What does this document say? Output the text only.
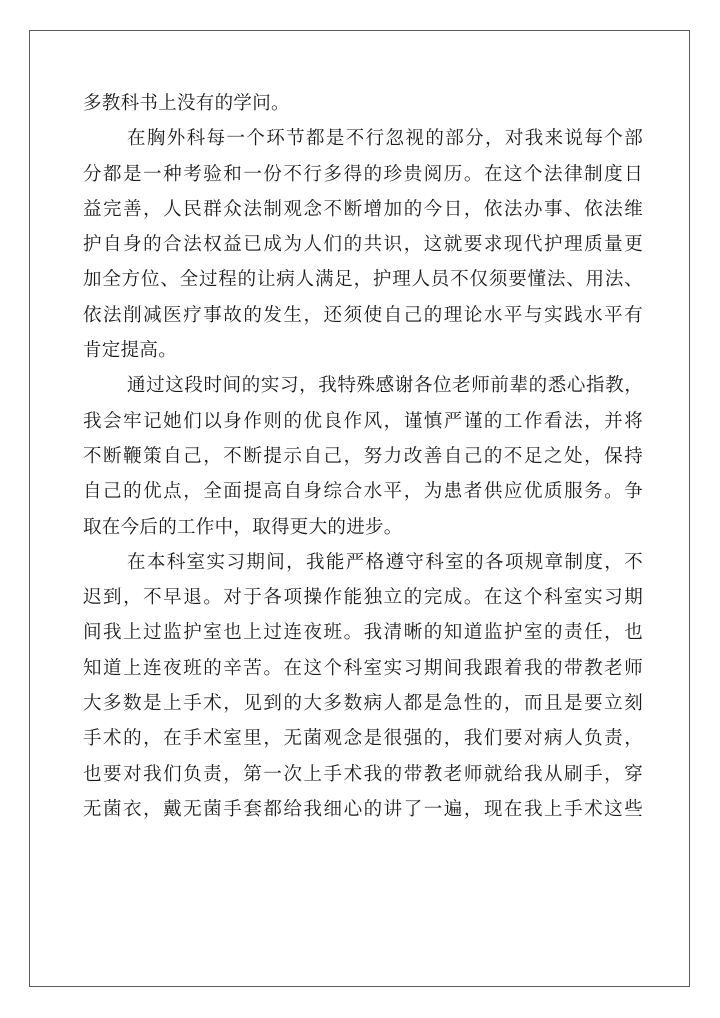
多教科书上没有的学问。
在胸外科每一个环节都是不行忽视的部分，对我来说每个部
分都是一种考验和一份不行多得的珍贵阅历。在这个法律制度日
益完善，人民群众法制观念不断增加的今日，依法办事、依法维
护自身的合法权益已成为人们的共识，这就要求现代护理质量更
加全方位、全过程的让病人满足，护理人员不仅须要懂法、用法、
依法削减医疗事故的发生，还须使自己的理论水平与实践水平有
肯定提高。
通过这段时间的实习，我特殊感谢各位老师前辈的悉心指教，
我会牢记她们以身作则的优良作风，谨慎严谨的工作看法，并将
不断鞭策自己，不断提示自己，努力改善自己的不足之处，保持
自己的优点，全面提高自身综合水平，为患者供应优质服务。争
取在今后的工作中，取得更大的进步。
在本科室实习期间，我能严格遵守科室的各项规章制度，不
迟到，不早退。对于各项操作能独立的完成。在这个科室实习期
间我上过监护室也上过连夜班。我清晰的知道监护室的责任，也
知道上连夜班的辛苦。在这个科室实习期间我跟着我的带教老师
大多数是上手术，见到的大多数病人都是急性的，而且是要立刻
手术的，在手术室里，无菌观念是很强的，我们要对病人负责，
也要对我们负责，第一次上手术我的带教老师就给我从刷手，穿
无菌衣，戴无菌手套都给我细心的讲了一遍，现在我上手术这些
